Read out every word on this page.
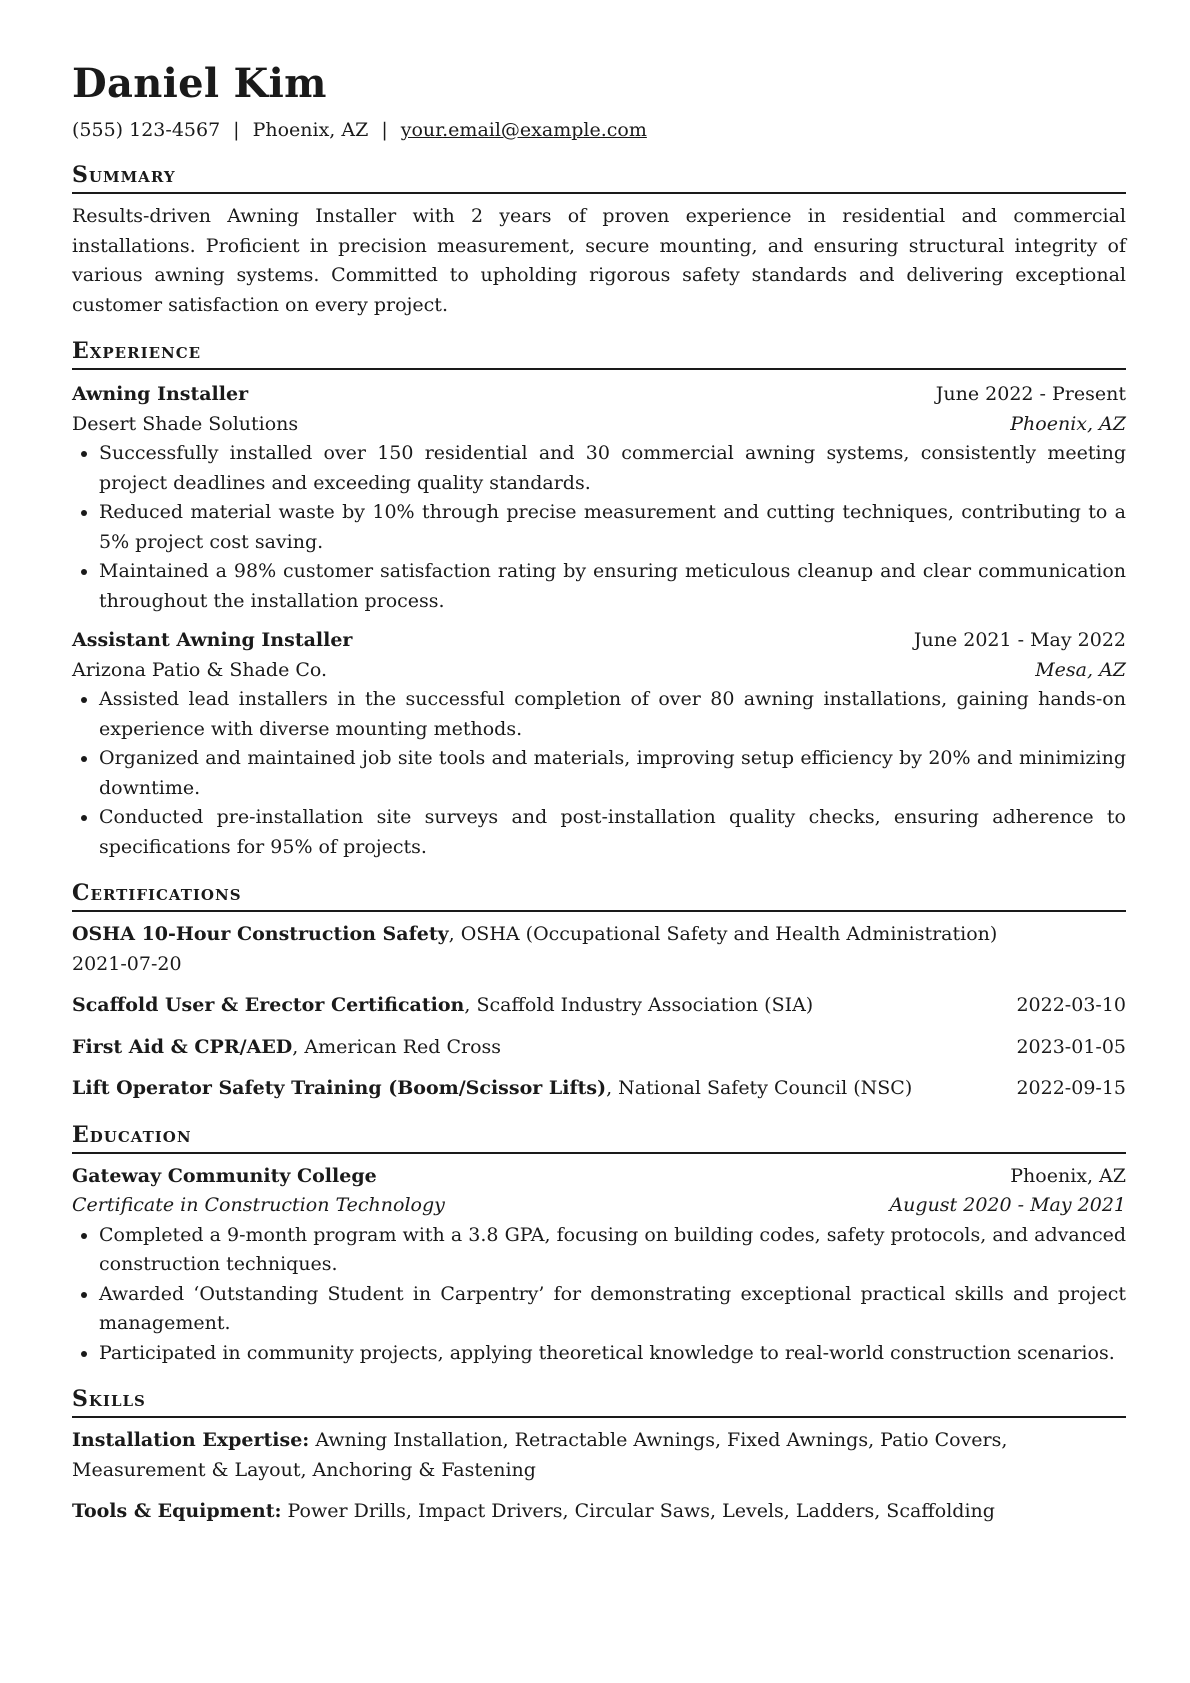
Daniel Kim
(555) 123-4567 | Phoenix, AZ | your.email@example.com
Summary
Results-driven Awning Installer with 2 years of proven experience in residential and commercial installations. Proficient in precision measurement, secure mounting, and ensuring structural integrity of various awning systems. Committed to upholding rigorous safety standards and delivering exceptional customer satisfaction on every project.
Experience
Awning Installer	June 2022 - Present
Desert Shade Solutions	Phoenix, AZ
• Successfully installed over 150 residential and 30 commercial awning systems, consistently meeting project deadlines and exceeding quality standards.
• Reduced material waste by 10% through precise measurement and cutting techniques, contributing to a 5% project cost saving.
• Maintained a 98% customer satisfaction rating by ensuring meticulous cleanup and clear communication throughout the installation process.
Assistant Awning Installer	June 2021 - May 2022
Arizona Patio & Shade Co.	Mesa, AZ
• Assisted lead installers in the successful completion of over 80 awning installations, gaining hands-on experience with diverse mounting methods.
• Organized and maintained job site tools and materials, improving setup efficiency by 20% and minimizing downtime.
• Conducted pre-installation site surveys and post-installation quality checks, ensuring adherence to specifications for 95% of projects.
Certifications
OSHA 10-Hour Construction Safety, OSHA (Occupational Safety and Health Administration)
2021-07-20
Scaffold User & Erector Certification, Scaffold Industry Association (SIA)	2022-03-10
First Aid & CPR/AED, American Red Cross	2023-01-05
Lift Operator Safety Training (Boom/Scissor Lifts), National Safety Council (NSC)	2022-09-15
Education
Gateway Community College	Phoenix, AZ
Certificate in Construction Technology	August 2020 - May 2021
• Completed a 9-month program with a 3.8 GPA, focusing on building codes, safety protocols, and advanced construction techniques.
• Awarded ‘Outstanding Student in Carpentry’ for demonstrating exceptional practical skills and project management.
• Participated in community projects, applying theoretical knowledge to real-world construction scenarios.
Skills
Installation Expertise: Awning Installation, Retractable Awnings, Fixed Awnings, Patio Covers, Measurement & Layout, Anchoring & Fastening
Tools & Equipment: Power Drills, Impact Drivers, Circular Saws, Levels, Ladders, Scaffolding
